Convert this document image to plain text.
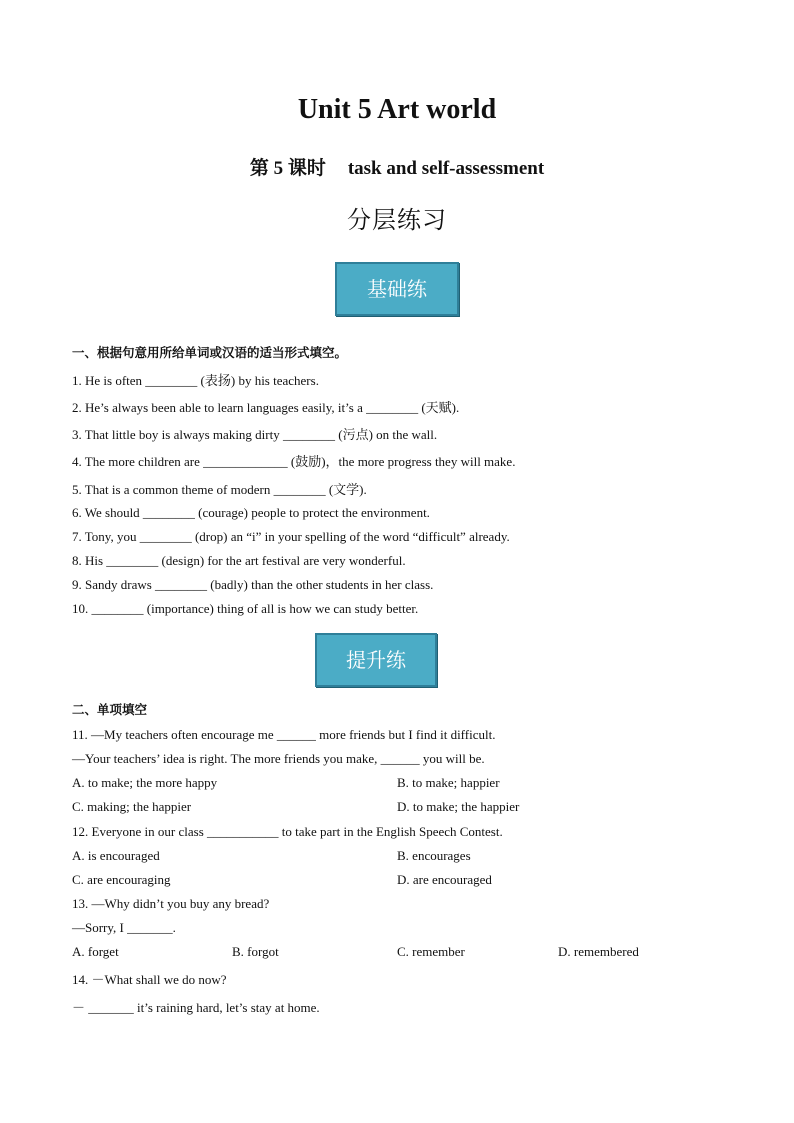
Unit 5 Art world
第 5 课时 task and self-assessment
分层练习
基础练
一、根据句意用所给单词或汉语的适当形式填空。
1. He is often ________ (表扬) by his teachers.
2. He’s always been able to learn languages easily, it’s a ________ (天赋).
3. That little boy is always making dirty ________ (污点) on the wall.
4. The more children are _____________ (鼓励)，the more progress they will make.
5. That is a common theme of modern ________ (文学).
6. We should ________ (courage) people to protect the environment.
7. Tony, you ________ (drop) an “i” in your spelling of the word “difficult” already.
8. His ________ (design) for the art festival are very wonderful.
9. Sandy draws ________ (badly) than the other students in her class.
10. ________ (importance) thing of all is how we can study better.
提升练
二、单项填空
11. —My teachers often encourage me ______ more friends but I find it difficult.
—Your teachers’ idea is right. The more friends you make, ______ you will be.
A. to make; the more happy	B. to make; happier
C. making; the happier	D. to make; the happier
12. Everyone in our class ___________ to take part in the English Speech Contest.
A. is encouraged	B. encourages
C. are encouraging	D. are encouraged
13. —Why didn’t you buy any bread?
—Sorry, I _______.
A. forget	B. forgot	C. remember	D. remembered
14. －What shall we do now?
－ _______ it’s raining hard, let’s stay at home.
